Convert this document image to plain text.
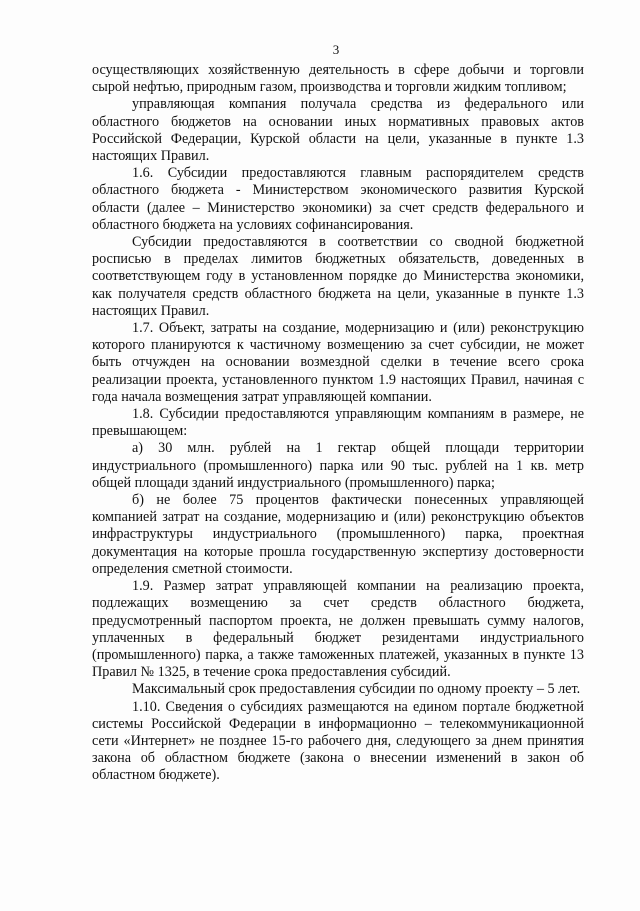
3

осуществляющих хозяйственную деятельность в сфере добычи и торговли сырой нефтью, природным газом, производства и торговли жидким топливом;

управляющая компания получала средства из федерального или областного бюджетов на основании иных нормативных правовых актов Российской Федерации, Курской области на цели, указанные в пункте 1.3 настоящих Правил.

1.6. Субсидии предоставляются главным распорядителем средств областного бюджета - Министерством экономического развития Курской области (далее – Министерство экономики) за счет средств федерального и областного бюджета на условиях софинансирования.

Субсидии предоставляются в соответствии со сводной бюджетной росписью в пределах лимитов бюджетных обязательств, доведенных в соответствующем году в установленном порядке до Министерства экономики, как получателя средств областного бюджета на цели, указанные в пункте 1.3 настоящих Правил.

1.7. Объект, затраты на создание, модернизацию и (или) реконструкцию которого планируются к частичному возмещению за счет субсидии, не может быть отчужден на основании возмездной сделки в течение всего срока реализации проекта, установленного пунктом 1.9 настоящих Правил, начиная с года начала возмещения затрат управляющей компании.

1.8. Субсидии предоставляются управляющим компаниям в размере, не превышающем:

а) 30 млн. рублей на 1 гектар общей площади территории индустриального (промышленного) парка или 90 тыс. рублей на 1 кв. метр общей площади зданий индустриального (промышленного) парка;

б) не более 75 процентов фактически понесенных управляющей компанией затрат на создание, модернизацию и (или) реконструкцию объектов инфраструктуры индустриального (промышленного) парка, проектная документация на которые прошла государственную экспертизу достоверности определения сметной стоимости.

1.9. Размер затрат управляющей компании на реализацию проекта, подлежащих возмещению за счет средств областного бюджета, предусмотренный паспортом проекта, не должен превышать сумму налогов, уплаченных в федеральный бюджет резидентами индустриального (промышленного) парка, а также таможенных платежей, указанных в пункте 13 Правил № 1325, в течение срока предоставления субсидий.

Максимальный срок предоставления субсидии по одному проекту – 5 лет.

1.10. Сведения о субсидиях размещаются на едином портале бюджетной системы Российской Федерации в информационно – телекоммуникационной сети «Интернет» не позднее 15-го рабочего дня, следующего за днем принятия закона об областном бюджете (закона о внесении изменений в закон об областном бюджете).
